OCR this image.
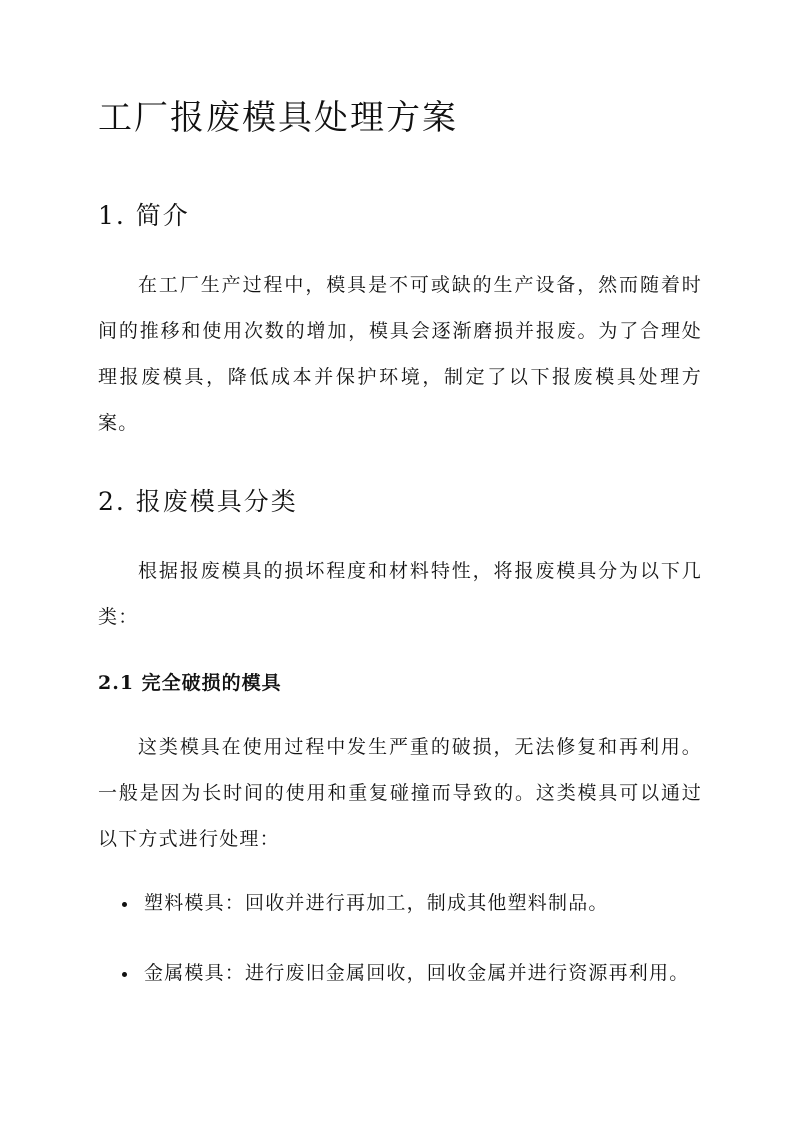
工厂报废模具处理方案
1. 简介

在工厂生产过程中，模具是不可或缺的生产设备，然而随着时间的推移和使用次数的增加，模具会逐渐磨损并报废。为了合理处理报废模具，降低成本并保护环境，制定了以下报废模具处理方案。

2. 报废模具分类

根据报废模具的损坏程度和材料特性，将报废模具分为以下几类：

2.1 完全破损的模具

这类模具在使用过程中发生严重的破损，无法修复和再利用。一般是因为长时间的使用和重复碰撞而导致的。这类模具可以通过以下方式进行处理：

塑料模具：回收并进行再加工，制成其他塑料制品。
金属模具：进行废旧金属回收，回收金属并进行资源再利用。
